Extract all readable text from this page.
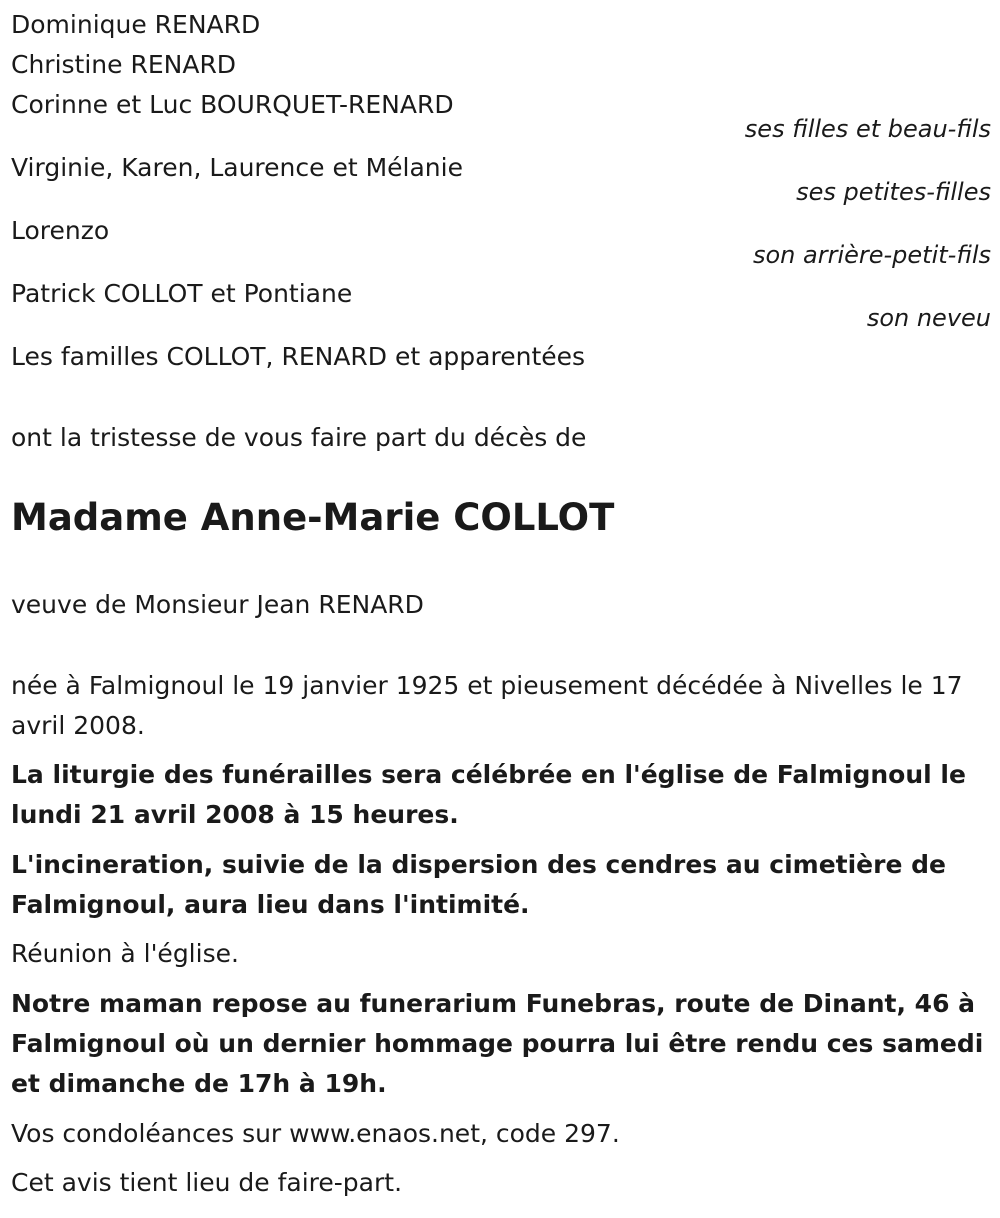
Dominique RENARD

Christine RENARD

Corinne et Luc BOURQUET-RENARD

ses filles et beau-fils

Virginie, Karen, Laurence et Mélanie

ses petites-filles

Lorenzo

son arrière-petit-fils

Patrick COLLOT et Pontiane

son neveu

Les familles COLLOT, RENARD et apparentées

ont la tristesse de vous faire part du décès de

Madame Anne-Marie COLLOT

veuve de Monsieur Jean RENARD

née à Falmignoul le 19 janvier 1925 et pieusement décédée à Nivelles le 17 avril 2008.

La liturgie des funérailles sera célébrée en l'église de Falmignoul le lundi 21 avril 2008 à 15 heures.

L'incineration, suivie de la dispersion des cendres au cimetière de Falmignoul, aura lieu dans l'intimité.

Réunion à l'église.

Notre maman repose au funerarium Funebras, route de Dinant, 46 à Falmignoul où un dernier hommage pourra lui être rendu ces samedi et dimanche de 17h à 19h.

Vos condoléances sur www.enaos.net, code 297.

Cet avis tient lieu de faire-part.
